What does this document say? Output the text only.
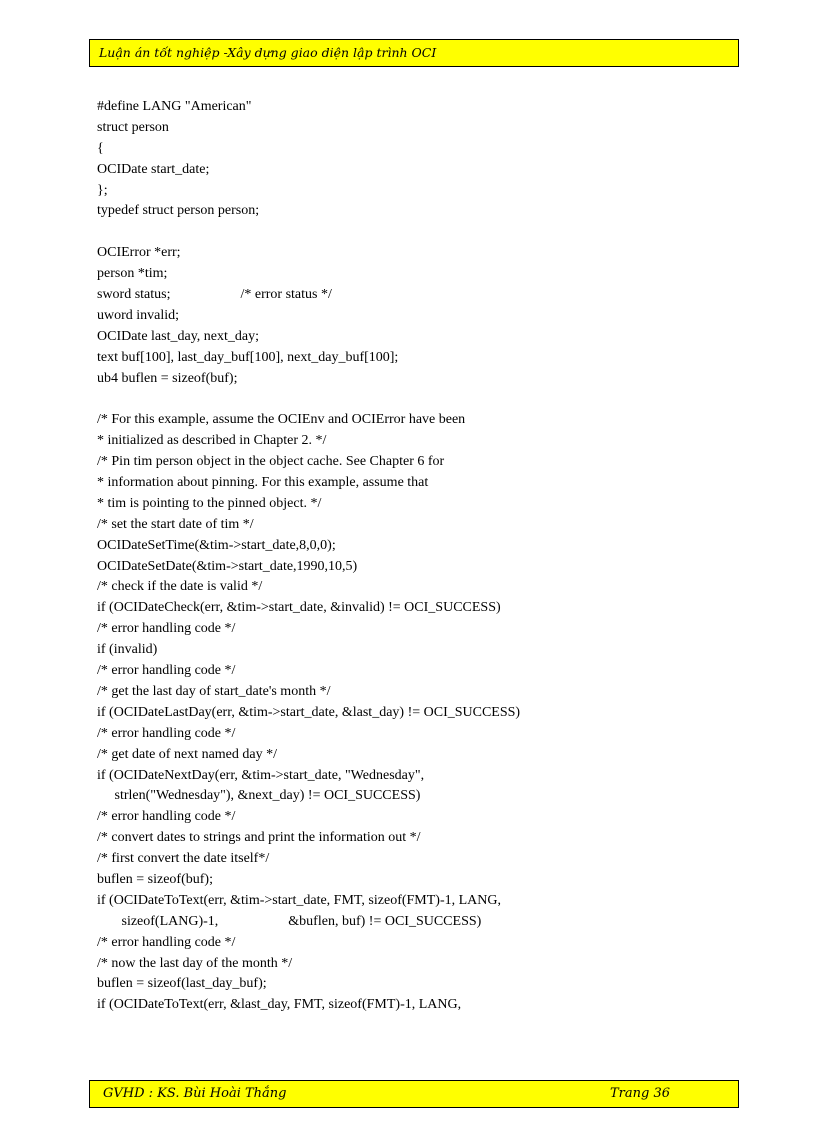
Luận án tốt nghiệp -Xây dựng giao diện lập trình OCI
#define LANG "American"
struct person
{
OCIDate start_date;
};
typedef struct person person;
OCIError *err;
person *tim;
sword status;                    /* error status */
uword invalid;
OCIDate last_day, next_day;
text buf[100], last_day_buf[100], next_day_buf[100];
ub4 buflen = sizeof(buf);
/* For this example, assume the OCIEnv and OCIError have been
* initialized as described in Chapter 2. */
/* Pin tim person object in the object cache. See Chapter 6 for
* information about pinning. For this example, assume that
* tim is pointing to the pinned object. */
/* set the start date of tim */
OCIDateSetTime(&tim->start_date,8,0,0);
OCIDateSetDate(&tim->start_date,1990,10,5)
/* check if the date is valid */
if (OCIDateCheck(err, &tim->start_date, &invalid) != OCI_SUCCESS)
/* error handling code */
if (invalid)
/* error handling code */
/* get the last day of start_date's month */
if (OCIDateLastDay(err, &tim->start_date, &last_day) != OCI_SUCCESS)
/* error handling code */
/* get date of next named day */
if (OCIDateNextDay(err, &tim->start_date, "Wednesday",
strlen("Wednesday"), &next_day) != OCI_SUCCESS)
/* error handling code */
/* convert dates to strings and print the information out */
/* first convert the date itself*/
buflen = sizeof(buf);
if (OCIDateToText(err, &tim->start_date, FMT, sizeof(FMT)-1, LANG,
sizeof(LANG)-1,                    &buflen, buf) != OCI_SUCCESS)
/* error handling code */
/* now the last day of the month */
buflen = sizeof(last_day_buf);
if (OCIDateToText(err, &last_day, FMT, sizeof(FMT)-1, LANG,
GVHD : KS. Bùi Hoài Thắng	Trang 36
